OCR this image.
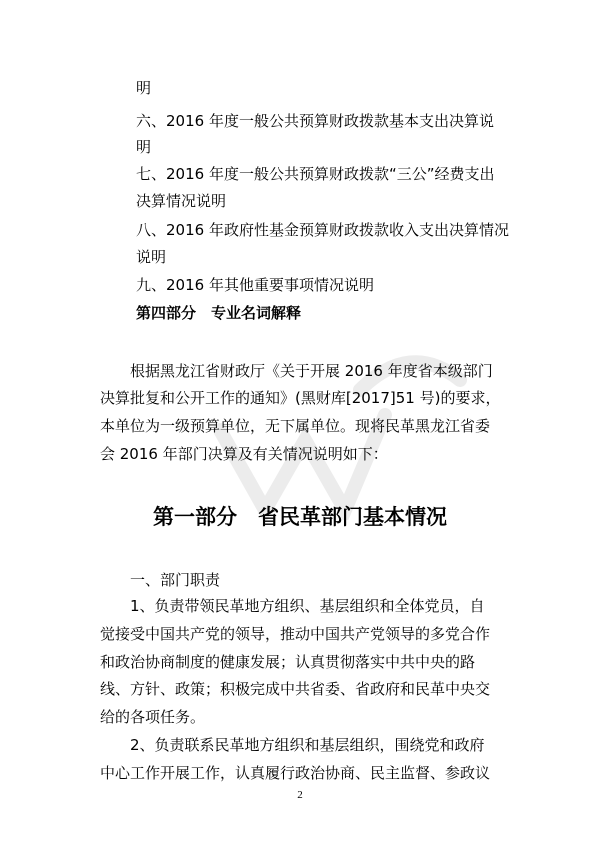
明
六、2016 年度一般公共预算财政拨款基本支出决算说
明
七、2016 年度一般公共预算财政拨款“三公”经费支出
决算情况说明
八、2016 年政府性基金预算财政拨款收入支出决算情况
说明
九、2016 年其他重要事项情况说明
第四部分　专业名词解释
　　根据黑龙江省财政厅《关于开展 2016 年度省本级部门
决算批复和公开工作的通知》(黑财库[2017]51 号)的要求，
本单位为一级预算单位，无下属单位。现将民革黑龙江省委
会 2016 年部门决算及有关情况说明如下：
第一部分　省民革部门基本情况
　　一、部门职责
　　1、负责带领民革地方组织、基层组织和全体党员，自
觉接受中国共产党的领导，推动中国共产党领导的多党合作
和政治协商制度的健康发展；认真贯彻落实中共中央的路
线、方针、政策；积极完成中共省委、省政府和民革中央交
给的各项任务。
　　2、负责联系民革地方组织和基层组织，围绕党和政府
中心工作开展工作，认真履行政治协商、民主监督、参政议
2
